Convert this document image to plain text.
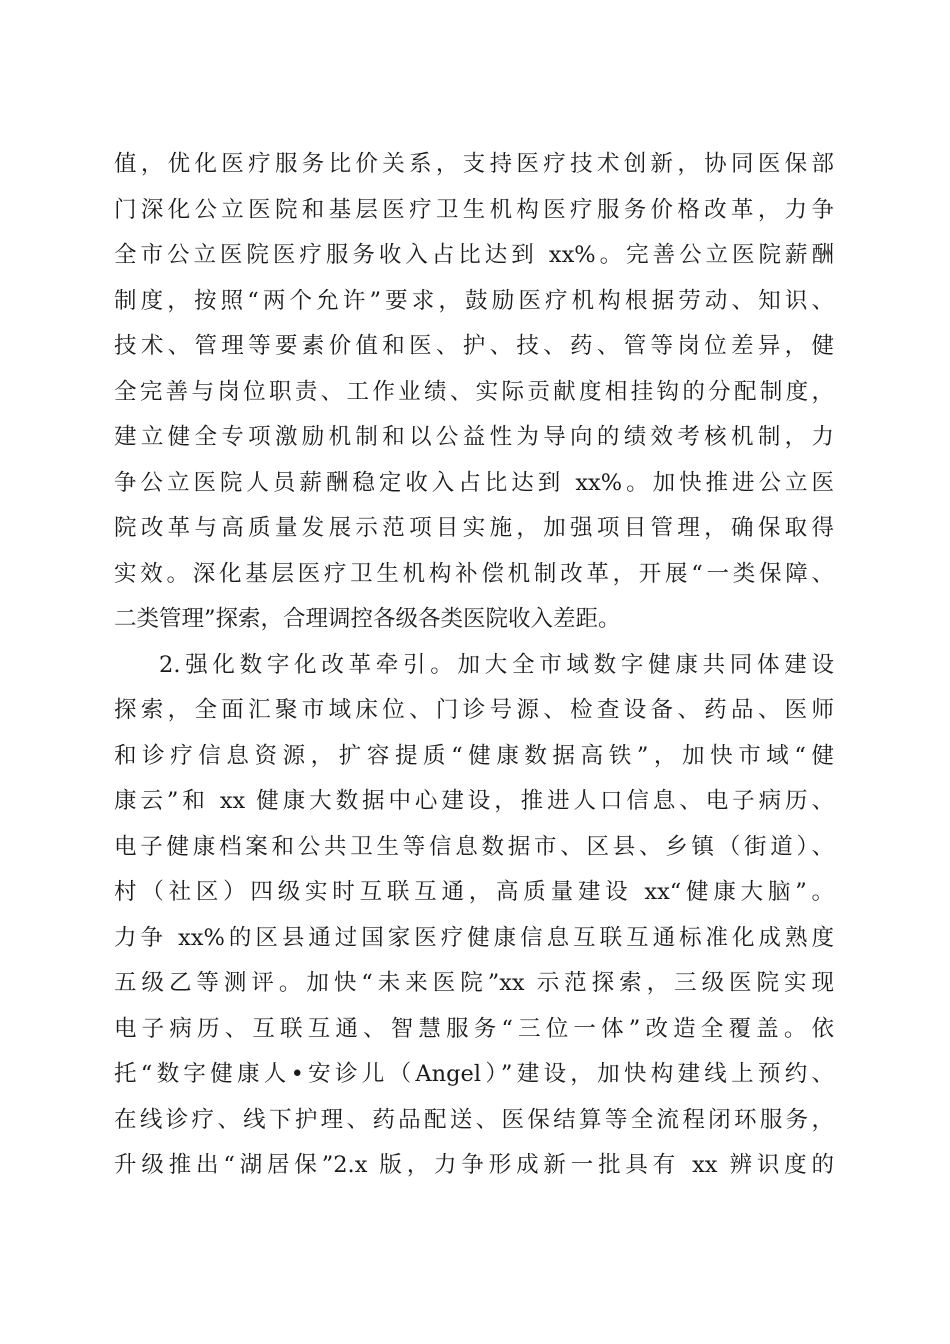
值，优化医疗服务比价关系，支持医疗技术创新，协同医保部
门深化公立医院和基层医疗卫生机构医疗服务价格改革，力争
全市公立医院医疗服务收入占比达到 xx%。完善公立医院薪酬
制度，按照“两个允许”要求，鼓励医疗机构根据劳动、知识、
技术、管理等要素价值和医、护、技、药、管等岗位差异，健
全完善与岗位职责、工作业绩、实际贡献度相挂钩的分配制度，
建立健全专项激励机制和以公益性为导向的绩效考核机制，力
争公立医院人员薪酬稳定收入占比达到 xx%。加快推进公立医
院改革与高质量发展示范项目实施，加强项目管理，确保取得
实效。深化基层医疗卫生机构补偿机制改革，开展“一类保障、
二类管理”探索，合理调控各级各类医院收入差距。
2.强化数字化改革牵引。加大全市域数字健康共同体建设
探索，全面汇聚市域床位、门诊号源、检查设备、药品、医师
和诊疗信息资源，扩容提质“健康数据高铁”，加快市域“健
康云”和 xx 健康大数据中心建设，推进人口信息、电子病历、
电子健康档案和公共卫生等信息数据市、区县、乡镇（街道）、
村（社区）四级实时互联互通，高质量建设 xx“健康大脑”。
力争 xx%的区县通过国家医疗健康信息互联互通标准化成熟度
五级乙等测评。加快“未来医院”xx 示范探索，三级医院实现
电子病历、互联互通、智慧服务“三位一体”改造全覆盖。依
托“数字健康人•安诊儿（Angel）”建设，加快构建线上预约、
在线诊疗、线下护理、药品配送、医保结算等全流程闭环服务，
升级推出“湖居保”2.x 版，力争形成新一批具有 xx 辨识度的
